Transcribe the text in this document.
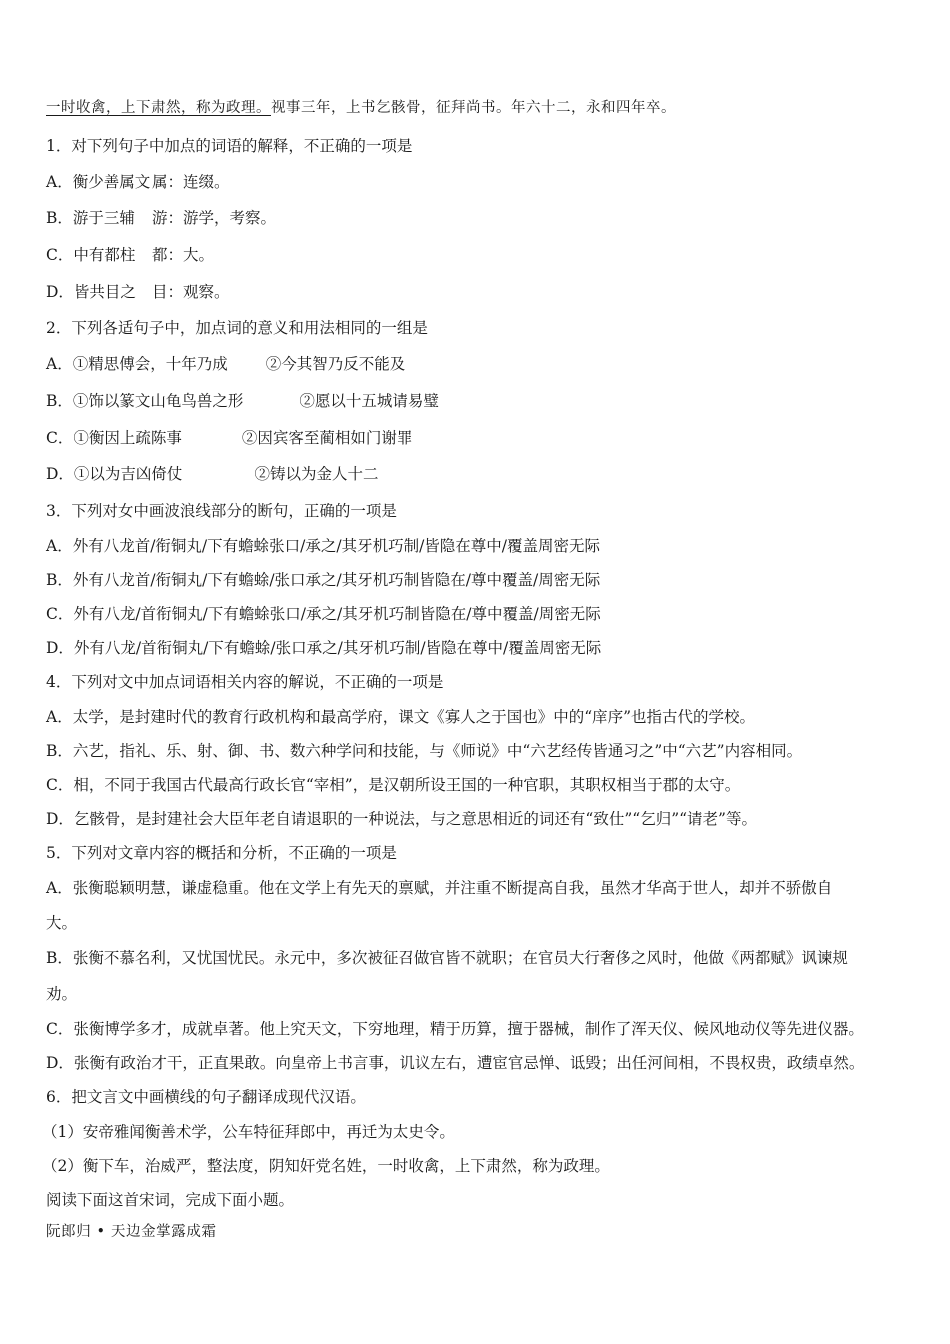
一时收禽，上下肃然，称为政理。视事三年，上书乞骸骨，征拜尚书。年六十二，永和四年卒。
1．对下列句子中加点的词语的解释，不正确的一项是
A．衡少善属文 属：连缀。
B．游于三辅 游：游学，考察。
C．中有都柱 都：大。
D．皆共目之 目：观察。
2．下列各适句子中，加点词的意义和用法相同的一组是
A．①精思傅会，十年乃成 ②今其智乃反不能及
B．①饰以篆文山龟鸟兽之形	②愿以十五城请易璧
C．①衡因上疏陈事	②因宾客至蔺相如门谢罪
D．①以为吉凶倚仗	②铸以为金人十二
3．下列对女中画波浪线部分的断句，正确的一项是
A．外有八龙首/衔铜丸/下有蟾蜍张口/承之/其牙机巧制/皆隐在尊中/覆盖周密无际
B．外有八龙首/衔铜丸/下有蟾蜍/张口承之/其牙机巧制皆隐在/尊中覆盖/周密无际
C．外有八龙/首衔铜丸/下有蟾蜍张口/承之/其牙机巧制皆隐在/尊中覆盖/周密无际
D．外有八龙/首衔铜丸/下有蟾蜍/张口承之/其牙机巧制/皆隐在尊中/覆盖周密无际
4．下列对文中加点词语相关内容的解说，不正确的一项是
A．太学，是封建时代的教育行政机构和最高学府，课文《寡人之于国也》中的“庠序”也指古代的学校。
B．六艺，指礼、乐、射、御、书、数六种学问和技能，与《师说》中“六艺经传皆通习之”中“六艺”内容相同。
C．相，不同于我国古代最高行政长官“宰相”，是汉朝所设王国的一种官职，其职权相当于郡的太守。
D．乞骸骨，是封建社会大臣年老自请退职的一种说法，与之意思相近的词还有“致仕”“乞归”“请老”等。
5．下列对文章内容的概括和分析，不正确的一项是
A．张衡聪颖明慧，谦虚稳重。他在文学上有先天的禀赋，并注重不断提高自我，虽然才华高于世人，却并不骄傲自
大。
B．张衡不慕名利，又忧国忧民。永元中，多次被征召做官皆不就职；在官员大行奢侈之风时，他做《两都赋》讽谏规
劝。
C．张衡博学多才，成就卓著。他上究天文，下穷地理，精于历算，擅于器械，制作了浑天仪、候风地动仪等先进仪器。
D．张衡有政治才干，正直果敢。向皇帝上书言事，讥议左右，遭宦官忌惮、诋毁；出任河间相，不畏权贵，政绩卓然。
6．把文言文中画横线的句子翻译成现代汉语。
（1）安帝雅闻衡善术学，公车特征拜郎中，再迁为太史令。
（2）衡下车，治威严，整法度，阴知奸党名姓，一时收禽，上下肃然，称为政理。
阅读下面这首宋词，完成下面小题。
阮郎归 • 天边金掌露成霜
